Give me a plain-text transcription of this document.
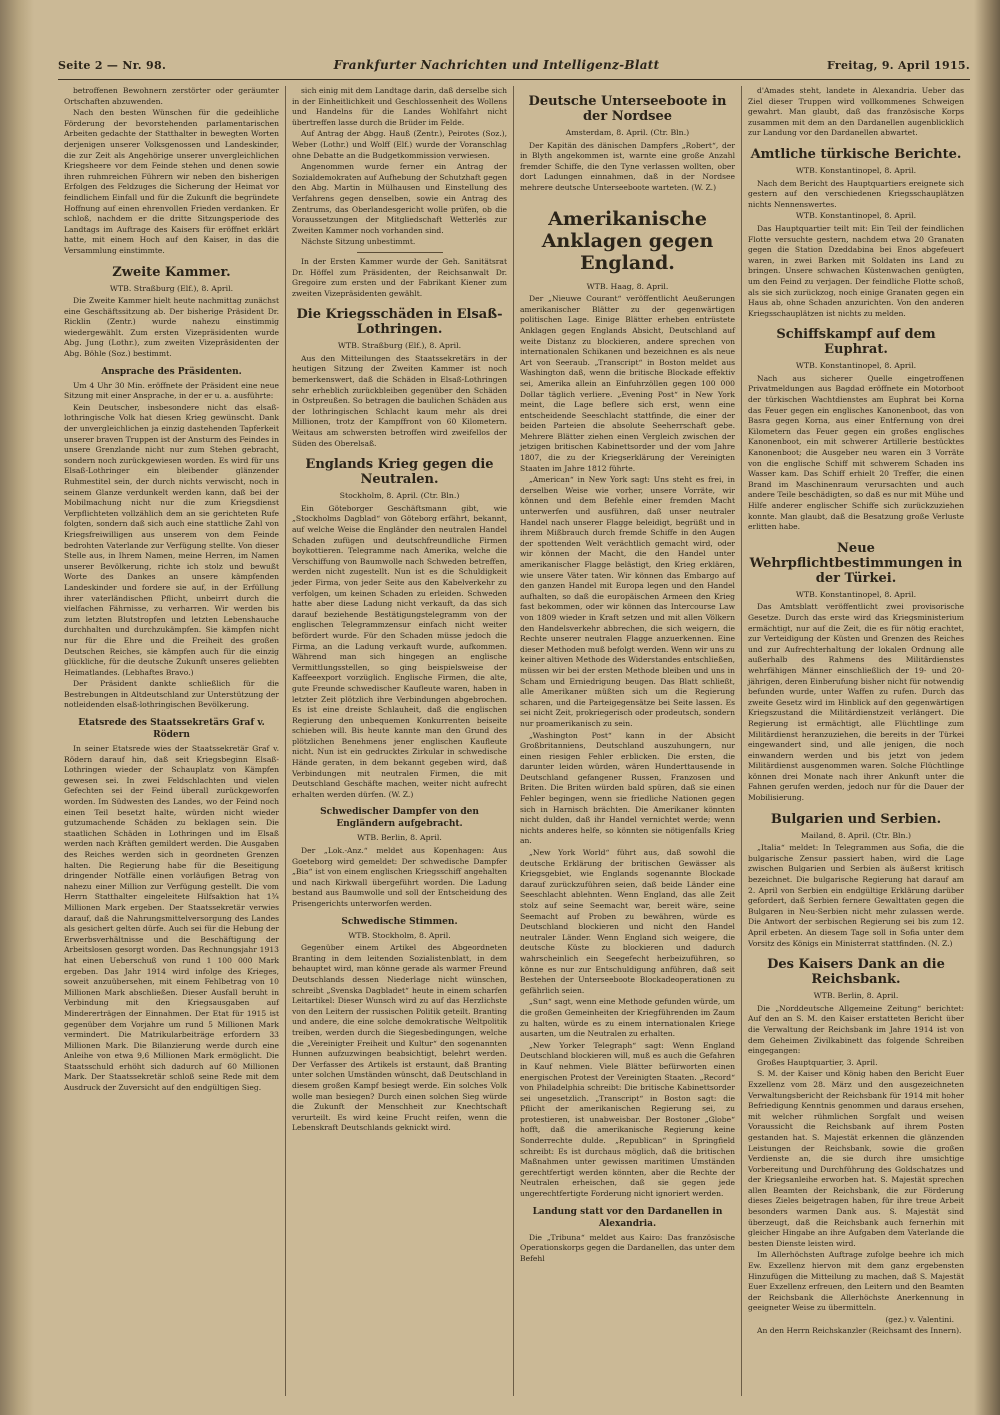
Seite 2 — Nr. 98.	Frankfurter Nachrichten und Intelligenz-Blatt	Freitag, 9. April 1915.

betroffenen Bewohnern zerstörter oder geräumter Ortschaften abzuwenden.

Nach den besten Wünschen für die gedeihliche Förderung der bevorstehenden parlamentarischen Arbeiten gedachte der Statthalter in bewegten Worten derjenigen unserer Volksgenossen und Landeskinder, die zur Zeit als Angehörige unserer unvergleichlichen Kriegsheere vor dem Feinde stehen und denen sowie ihren ruhmreichen Führern wir neben den bisherigen Erfolgen des Feldzuges die Sicherung der Heimat vor feindlichem Einfall und für die Zukunft die begründete Hoffnung auf einen ehrenvollen Frieden verdanken. Er schloß, nachdem er die dritte Sitzungsperiode des Landtags im Auftrage des Kaisers für eröffnet erklärt hatte, mit einem Hoch auf den Kaiser, in das die Versammlung einstimmte.

Zweite Kammer.
WTB. Straßburg (Elf.), 8. April.

Die Zweite Kammer hielt heute nachmittag zunächst eine Geschäftssitzung ab. Der bisherige Präsident Dr. Ricklin (Zentr.) wurde nahezu einstimmig wiedergewählt. Zum ersten Vizepräsidenten wurde Abg. Jung (Lothr.), zum zweiten Vizepräsidenten der Abg. Böhle (Soz.) bestimmt.

Ansprache des Präsidenten.

Um 4 Uhr 30 Min. eröffnete der Präsident eine neue Sitzung mit einer Ansprache, in der er u. a. ausführte:

Kein Deutscher, insbesondere nicht das elsaß-lothringische Volk hat diesen Krieg gewünscht. Dank der unvergleichlichen ja einzig dastehenden Tapferkeit unserer braven Truppen ist der Ansturm des Feindes in unsere Grenzlande nicht nur zum Stehen gebracht, sondern noch zurückgewiesen worden. Es wird für uns Elsaß-Lothringer ein bleibender glänzender Ruhmestitel sein, der durch nichts verwischt, noch in seinem Glanze verdunkelt werden kann, daß bei der Mobilmachung nicht nur die zum Kriegsdienst Verpflichteten vollzählich dem an sie gerichteten Rufe folgten, sondern daß sich auch eine stattliche Zahl von Kriegsfreiwilligen aus unserem von dem Feinde bedrohten Vaterlande zur Verfügung stellte. Von dieser Stelle aus, in Ihrem Namen, meine Herren, im Namen unserer Bevölkerung, richte ich stolz und bewußt Worte des Dankes an unsere kämpfenden Landeskinder und fordere sie auf, in der Erfüllung ihrer vaterländischen Pflicht, unbeirrt durch die vielfachen Fährnisse, zu verharren. Wir werden bis zum letzten Blutstropfen und letzten Lebenshauche durchhalten und durchzukämpfen. Sie kämpfen nicht nur für die Ehre und die Freiheit des großen Deutschen Reiches, sie kämpfen auch für die einzig glückliche, für die deutsche Zukunft unseres geliebten Heimatlandes. (Lebhaftes Bravo.)

Der Präsident dankte schließlich für die Bestrebungen in Altdeutschland zur Unterstützung der notleidenden elsaß-lothringischen Bevölkerung.

Etatsrede des Staatssekretärs Graf v. Rödern

In seiner Etatsrede wies der Staatssekretär Graf v. Rödern darauf hin, daß seit Kriegsbeginn Elsaß-Lothringen wieder der Schauplatz von Kämpfen gewesen sei. In zwei Feldschlachten und vielen Gefechten sei der Feind überall zurückgeworfen worden. Im Südwesten des Landes, wo der Feind noch einen Teil besetzt halte, würden nicht wieder gutzumachende Schäden zu beklagen sein. Die staatlichen Schäden in Lothringen und im Elsaß werden nach Kräften gemildert werden. Die Ausgaben des Reiches werden sich in geordneten Grenzen halten. Die Regierung habe für die Beseitigung dringender Notfälle einen vorläufigen Betrag von nahezu einer Million zur Verfügung gestellt. Die vom Herrn Statthalter eingeleitete Hilfsaktion hat 1¾ Millionen Mark ergeben. Der Staatssekretär verwies darauf, daß die Nahrungsmittelversorgung des Landes als gesichert gelten dürfe. Auch sei für die Hebung der Erwerbsverhältnisse und die Beschäftigung der Arbeitslosen gesorgt worden. Das Rechnungsjahr 1913 hat einen Ueberschuß von rund 1 100 000 Mark ergeben. Das Jahr 1914 wird infolge des Krieges, soweit anzuübersehen, mit einem Fehlbetrag von 10 Millionen Mark abschließen. Dieser Ausfall beruht in Verbindung mit den Kriegsausgaben auf Mindererträgen der Einnahmen. Der Etat für 1915 ist gegenüber dem Vorjahre um rund 5 Millionen Mark vermindert. Die Matrikularbeiträge erfordern 33 Millionen Mark. Die Bilanzierung werde durch eine Anleihe von etwa 9,6 Millionen Mark ermöglicht. Die Staatsschuld erhöht sich dadurch auf 60 Millionen Mark. Der Staatssekretär schloß seine Rede mit dem Ausdruck der Zuversicht auf den endgültigen Sieg.

sich einig mit dem Landtage darin, daß derselbe sich in der Einheitlichkeit und Geschlossenheit des Wollens und Handelns für die Landes Wohlfahrt nicht übertreffen lasse durch die Brüder im Felde.

Auf Antrag der Abgg. Hauß (Zentr.), Peirotes (Soz.), Weber (Lothr.) und Wolff (Elf.) wurde der Voranschlag ohne Debatte an die Budgetkommission verwiesen.

Angenommen wurde ferner ein Antrag der Sozialdemokraten auf Aufhebung der Schutzhaft gegen den Abg. Martin in Mülhausen und Einstellung des Verfahrens gegen denselben, sowie ein Antrag des Zentrums, das Oberlandesgericht wolle prüfen, ob die Voraussetzungen der Mitgliedschaft Wetterlés zur Zweiten Kammer noch vorhanden sind.

Nächste Sitzung unbestimmt.

In der Ersten Kammer wurde der Geh. Sanitätsrat Dr. Höffel zum Präsidenten, der Reichsanwalt Dr. Gregoire zum ersten und der Fabrikant Kiener zum zweiten Vizepräsidenten gewählt.

Die Kriegsschäden in Elsaß-Lothringen.
WTB. Straßburg (Elf.), 8. April.

Aus den Mitteilungen des Staatssekretärs in der heutigen Sitzung der Zweiten Kammer ist noch bemerkenswert, daß die Schäden in Elsaß-Lothringen sehr erheblich zurückbleiben gegenüber den Schäden in Ostpreußen. So betragen die baulichen Schäden aus der lothringischen Schlacht kaum mehr als drei Millionen, trotz der Kampffront von 60 Kilometern. Weitaus am schwersten betroffen wird zweifellos der Süden des Oberelsaß.

Englands Krieg gegen die Neutralen.
Stockholm, 8. April. (Ctr. Bln.)

Ein Göteborger Geschäftsmann gibt, wie „Stockholms Dagblad“ von Göteborg erfährt, bekannt, auf welche Weise die Engländer den neutralen Handel Schaden zufügen und deutschfreundliche Firmen boykottieren. Telegramme nach Amerika, welche die Verschiffung von Baumwolle nach Schweden betreffen, werden nicht zugestellt. Nun ist es die Schuldigkeit jeder Firma, von jeder Seite aus den Kabelverkehr zu verfolgen, um keinen Schaden zu erleiden. Schweden hatte aber diese Ladung nicht verkauft, da das sich darauf beziehende Bestätigungstelegramm von der englischen Telegrammzensur einfach nicht weiter befördert wurde. Für den Schaden müsse jedoch die Firma, an die Ladung verkauft wurde, aufkommen. Während man sich hingegen an englische Vermittlungsstellen, so ging beispielsweise der Kaffeeexport vorzüglich. Englische Firmen, die alte, gute Freunde schwedischer Kaufleute waren, haben in letzter Zeit plötzlich ihre Verbindungen abgebrochen. Es ist eine dreiste Schlauheit, daß die englischen Regierung den unbequemen Konkurrenten beiseite schieben will. Bis heute kannte man den Grund des plötzlichen Benehmens jener englischen Kaufleute nicht. Nun ist ein gedrucktes Zirkular in schwedische Hände geraten, in dem bekannt gegeben wird, daß Verbindungen mit neutralen Firmen, die mit Deutschland Geschäfte machen, weiter nicht aufrecht erhalten werden dürfen. (W. Z.)

Schwedischer Dampfer von den Engländern aufgebracht.
WTB. Berlin, 8. April.

Der „Lok.-Anz.“ meldet aus Kopenhagen: Aus Goeteborg wird gemeldet: Der schwedische Dampfer „Bia“ ist von einem englischen Kriegsschiff angehalten und nach Kirkwall übergeführt worden. Die Ladung bestand aus Baumwolle und soll der Entscheidung des Prisengerichts unterworfen werden.

Schwedische Stimmen.
WTB. Stockholm, 8. April.

Gegenüber einem Artikel des Abgeordneten Branting in dem leitenden Sozialistenblatt, in dem behauptet wird, man könne gerade als warmer Freund Deutschlands dessen Niederlage nicht wünschen, schreibt „Svenska Dagbladet“ heute in einem scharfen Leitartikel: Dieser Wunsch wird zu auf das Herzlichste von den Leitern der russischen Politik geteilt. Branting und andere, die eine solche demokratische Weltpolitik treiben, werden durch die Siegesbedingungen, welche die „Vereinigter Freiheit und Kultur“ den sogenannten Hunnen aufzuzwingen beabsichtigt, belehrt werden. Der Verfasser des Artikels ist erstaunt, daß Branting unter solchen Umständen wünscht, daß Deutschland in diesem großen Kampf besiegt werde. Ein solches Volk wolle man besiegen? Durch einen solchen Sieg würde die Zukunft der Menschheit zur Knechtschaft verurteilt. Es wird keine Frucht reifen, wenn die Lebenskraft Deutschlands geknickt wird.

Deutsche Unterseeboote in der Nordsee
Amsterdam, 8. April. (Ctr. Bln.)

Der Kapitän des dänischen Dampfers „Robert“, der in Blyth angekommen ist, warnte eine große Anzahl fremder Schiffe, die den Tyne verlassen wollten, ober dort Ladungen einnahmen, daß in der Nordsee mehrere deutsche Unterseeboote warteten. (W. Z.)

Amerikanische Anklagen gegen England.
WTB. Haag, 8. April.

Der „Nieuwe Courant“ veröffentlicht Aeußerungen amerikanischer Blätter zu der gegenwärtigen politischen Lage. Einige Blätter erheben entrüstete Anklagen gegen Englands Absicht, Deutschland auf weite Distanz zu blockieren, andere sprechen von internationalen Schikanen und bezeichnen es als neue Art von Seeraub. „Transcript“ in Boston meldet aus Washington daß, wenn die britische Blockade effektiv sei, Amerika allein an Einfuhrzöllen gegen 100 000 Dollar täglich verliere. „Evening Post“ in New York meint, die Lage beflere sich erst, wenn eine entscheidende Seeschlacht stattfinde, die einer der beiden Parteien die absolute Seeherrschaft gebe. Mehrere Blätter ziehen einen Vergleich zwischen der jetzigen britischen Kabinettsorder und der vom Jahre 1807, die zu der Kriegserklärung der Vereinigten Staaten im Jahre 1812 führte.

„American“ in New York sagt: Uns steht es frei, in derselben Weise wie vorher, unsere Vorräte, wir können und dem Befehle einer fremden Macht unterwerfen und ausführen, daß unser neutraler Handel nach unserer Flagge beleidigt, begrüßt und in ihrem Mißbrauch durch fremde Schiffe in den Augen der spottenden Welt verächtlich gemacht wird, oder wir können der Macht, die den Handel unter amerikanischer Flagge belästigt, den Krieg erklären, wie unsere Väter taten. Wir können das Embargo auf den ganzen Handel mit Europa legen und den Handel aufhalten, so daß die europäischen Armeen den Krieg fast bekommen, oder wir können das Intercourse Law von 1809 wieder in Kraft setzen und mit allen Völkern den Handelsverkehr abbrechen, die sich weigern, die Rechte unserer neutralen Flagge anzuerkennen. Eine dieser Methoden muß befolgt werden. Wenn wir uns zu keiner altiven Methode des Widerstandes entschließen, müssen wir bei der ersten Methode bleiben und uns in Scham und Erniedrigung beugen. Das Blatt schließt, alle Amerikaner müßten sich um die Regierung scharen, und die Parteigegensätze bei Seite lassen. Es sei nicht Zeit, prokriegerisch oder prodeutsch, sondern nur proamerikanisch zu sein.

„Washington Post“ kann in der Absicht Großbritanniens, Deutschland auszuhungern, nur einen riesigen Fehler erblicken. Die ersten, die darunter leiden würden, wären Hunderttausende in Deutschland gefangener Russen, Franzosen und Briten. Die Briten würden bald spüren, daß sie einen Fehler begingen, wenn sie friedliche Nationen gegen sich in Harnisch brächten. Die Amerikaner könnten nicht dulden, daß ihr Handel vernichtet werde; wenn nichts anderes helfe, so könnten sie nötigenfalls Krieg an.

„New York World“ führt aus, daß sowohl die deutsche Erklärung der britischen Gewässer als Kriegsgebiet, wie Englands sogenannte Blockade darauf zurückzuführen seien, daß beide Länder eine Seeschlacht ablehnten. Wenn England, das alle Zeit stolz auf seine Seemacht war, bereit wäre, seine Seemacht auf Proben zu bewähren, würde es Deutschland blockieren und nicht den Handel neutraler Länder. Wenn England sich weigere, die deutsche Küste zu blockieren und dadurch wahrscheinlich ein Seegefecht herbeizuführen, so könne es nur zur Entschuldigung anführen, daß seit Bestehen der Unterseeboote Blockadeoperationen zu gefährlich seien.

„Sun“ sagt, wenn eine Methode gefunden würde, um die großen Gemeinheiten der Kriegführenden im Zaum zu halten, würde es zu einem internationalen Kriege ausarten, um die Neutralen zu erhalten.

„New Yorker Telegraph“ sagt: Wenn England Deutschland blockieren will, muß es auch die Gefahren in Kauf nehmen. Viele Blätter befürworten einen energischen Protest der Vereinigten Staaten. „Record“ von Philadelphia schreibt: Die britische Kabinettsorder sei ungesetzlich. „Transcript“ in Boston sagt: die Pflicht der amerikanischen Regierung sei, zu protestieren, ist unabweisbar. Der Bostoner „Globe“ hofft, daß die amerikanische Regierung keine Sonderrechte dulde. „Republican“ in Springfield schreibt: Es ist durchaus möglich, daß die britischen Maßnahmen unter gewissen maritimen Umständen gerechtfertigt werden könnten, aber die Rechte der Neutralen erheischen, daß sie gegen jede ungerechtfertigte Forderung nicht ignoriert werden.

Landung statt vor den Dardanellen in Alexandria.

Die „Tribuna“ meldet aus Kairo: Das französische Operationskorps gegen die Dardanellen, das unter dem Befehl

d'Amades steht, landete in Alexandria. Ueber das Ziel dieser Truppen wird vollkommenes Schweigen gewahrt. Man glaubt, daß das französische Korps zusammen mit dem an den Dardanellen augenblicklich zur Landung vor den Dardanellen abwartet.

Amtliche türkische Berichte.
WTB. Konstantinopel, 8. April.

Nach dem Bericht des Hauptquartiers ereignete sich gestern auf den verschiedenen Kriegsschauplätzen nichts Nennenswertes.

WTB. Konstantinopel, 8. April.

Das Hauptquartier teilt mit: Ein Teil der feindlichen Flotte versuchte gestern, nachdem etwa 20 Granaten gegen die Station Dzeddabina bei Enos abgefeuert waren, in zwei Barken mit Soldaten ins Land zu bringen. Unsere schwachen Küstenwachen genügten, um den Feind zu verjagen. Der feindliche Flotte schoß, als sie sich zurückzog, noch einige Granaten gegen ein Haus ab, ohne Schaden anzurichten. Von den anderen Kriegsschauplätzen ist nichts zu melden.

Schiffskampf auf dem Euphrat.
WTB. Konstantinopel, 8. April.

Nach aus sicherer Quelle eingetroffenen Privatmeldungen aus Bagdad eröffnete ein Motorboot der türkischen Wachtdienstes am Euphrat bei Korna das Feuer gegen ein englisches Kanonenboot, das von Basra gegen Korna, aus einer Entfernung von drei Kilometern das Feuer gegen ein großes englisches Kanonenboot, ein mit schwerer Artillerie bestücktes Kanonenboot; die Ausgeber neu waren ein 3 Vorräte von die englische Schiff mit schwerem Schaden ins Wasser kam. Das Schiff erhielt 20 Treffer, die einen Brand im Maschinenraum verursachten und auch andere Teile beschädigten, so daß es nur mit Mühe und Hilfe anderer englischer Schiffe sich zurückzuziehen konnte. Man glaubt, daß die Besatzung große Verluste erlitten habe.

Neue Wehrpflichtbestimmungen in der Türkei.
WTB. Konstantinopel, 8. April.

Das Amtsblatt veröffentlicht zwei provisorische Gesetze. Durch das erste wird das Kriegsministerium ermächtigt, nur auf die Zeit, die es für nötig erachtet, zur Verteidigung der Küsten und Grenzen des Reiches und zur Aufrechterhaltung der lokalen Ordnung alle außerhalb des Rahmens des Militärdienstes wehrfähigen Männer einschließlich der 19- und 20-jährigen, deren Einberufung bisher nicht für notwendig befunden wurde, unter Waffen zu rufen. Durch das zweite Gesetz wird im Hinblick auf den gegenwärtigen Kriegszustand die Militärdienstzeit verlängert. Die Regierung ist ermächtigt, alle Flüchtlinge zum Militärdienst heranzuziehen, die bereits in der Türkei eingewandert sind, und alle jenigen, die noch einwandern werden und bis jetzt von jedem Militärdienst ausgenommen waren. Solche Flüchtlinge können drei Monate nach ihrer Ankunft unter die Fahnen gerufen werden, jedoch nur für die Dauer der Mobilisierung.

Bulgarien und Serbien.
Mailand, 8. April. (Ctr. Bln.)

„Italia“ meldet: In Telegrammen aus Sofia, die die bulgarische Zensur passiert haben, wird die Lage zwischen Bulgarien und Serbien als äußerst kritisch bezeichnet. Die bulgarische Regierung hat darauf am 2. April von Serbien ein endgültige Erklärung darüber gefordert, daß Serbien fernere Gewalttaten gegen die Bulgaren in Neu-Serbien nicht mehr zulassen werde. Die Antwort der serbischen Regierung sei bis zum 12. April erbeten. An diesem Tage soll in Sofia unter dem Vorsitz des Königs ein Ministerrat stattfinden. (N. Z.)

Des Kaisers Dank an die Reichsbank.
WTB. Berlin, 8. April.

Die „Norddeutsche Allgemeine Zeitung“ berichtet: Auf den an S. M. den Kaiser erstatteten Bericht über die Verwaltung der Reichsbank im Jahre 1914 ist von dem Geheimen Zivilkabinett das folgende Schreiben eingegangen:

Großes Hauptquartier, 3. April.

S. M. der Kaiser und König haben den Bericht Euer Exzellenz vom 28. März und den ausgezeichneten Verwaltungsbericht der Reichsbank für 1914 mit hoher Befriedigung Kenntnis genommen und daraus ersehen, mit welcher rühmlichen Sorgfalt und weisen Voraussicht die Reichsbank auf ihrem Posten gestanden hat. S. Majestät erkennen die glänzenden Leistungen der Reichsbank, sowie die großen Verdienste an, die sie durch ihre umsichtige Vorbereitung und Durchführung des Goldschatzes und der Kriegsanleihe erworben hat. S. Majestät sprechen allen Beamten der Reichsbank, die zur Förderung dieses Zieles beigetragen haben, für ihre treue Arbeit besonders warmen Dank aus. S. Majestät sind überzeugt, daß die Reichsbank auch fernerhin mit gleicher Hingabe an ihre Aufgaben dem Vaterlande die besten Dienste leisten wird.

Im Allerhöchsten Auftrage zufolge beehre ich mich Ew. Exzellenz hiervon mit dem ganz ergebensten Hinzufügen die Mitteilung zu machen, daß S. Majestät Euer Exzellenz erfreuen, den Leitern und den Beamten der Reichsbank die Allerhöchste Anerkennung in geeigneter Weise zu übermitteln.

(gez.) v. Valentini.

An den Herrn Reichskanzler (Reichsamt des Innern).
